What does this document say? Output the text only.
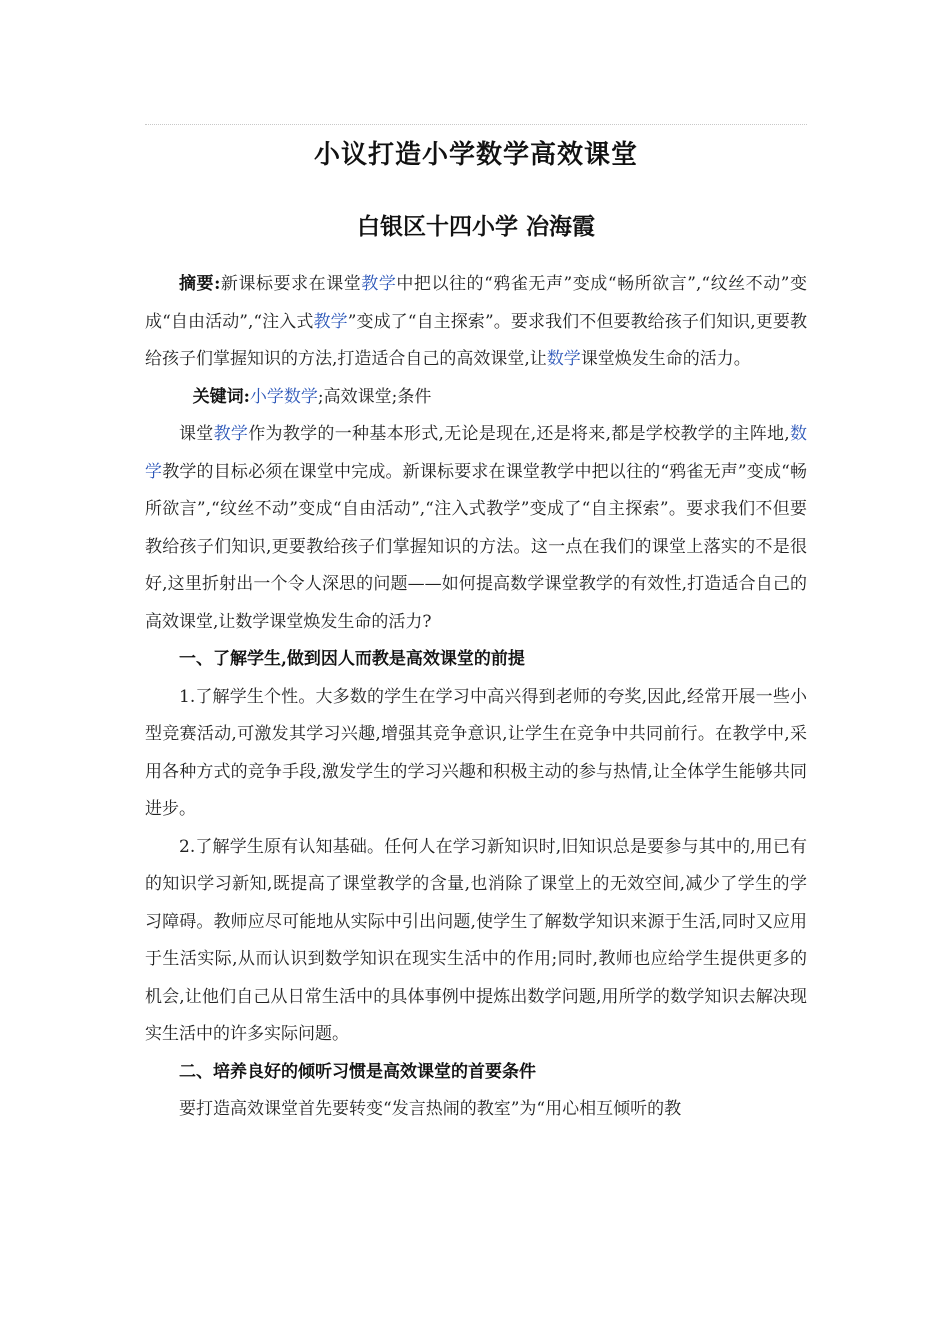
小议打造小学数学高效课堂
白银区十四小学 冶海霞

摘要:新课标要求在课堂教学中把以往的“鸦雀无声”变成“畅所欲言”,“纹丝不动”变成“自由活动”,“注入式教学”变成了“自主探索”。要求我们不但要教给孩子们知识,更要教给孩子们掌握知识的方法,打造适合自己的高效课堂,让数学课堂焕发生命的活力。

关键词:小学数学;高效课堂;条件

课堂教学作为教学的一种基本形式,无论是现在,还是将来,都是学校教学的主阵地,数学教学的目标必须在课堂中完成。新课标要求在课堂教学中把以往的“鸦雀无声”变成“畅所欲言”,“纹丝不动”变成“自由活动”,“注入式教学”变成了“自主探索”。要求我们不但要教给孩子们知识,更要教给孩子们掌握知识的方法。这一点在我们的课堂上落实的不是很好,这里折射出一个令人深思的问题——如何提高数学课堂教学的有效性,打造适合自己的高效课堂,让数学课堂焕发生命的活力?

一、了解学生,做到因人而教是高效课堂的前提

1.了解学生个性。大多数的学生在学习中高兴得到老师的夸奖,因此,经常开展一些小型竞赛活动,可激发其学习兴趣,增强其竞争意识,让学生在竞争中共同前行。在教学中,采用各种方式的竞争手段,激发学生的学习兴趣和积极主动的参与热情,让全体学生能够共同进步。

2.了解学生原有认知基础。任何人在学习新知识时,旧知识总是要参与其中的,用已有的知识学习新知,既提高了课堂教学的含量,也消除了课堂上的无效空间,减少了学生的学习障碍。教师应尽可能地从实际中引出问题,使学生了解数学知识来源于生活,同时又应用于生活实际,从而认识到数学知识在现实生活中的作用;同时,教师也应给学生提供更多的机会,让他们自己从日常生活中的具体事例中提炼出数学问题,用所学的数学知识去解决现实生活中的许多实际问题。

二、培养良好的倾听习惯是高效课堂的首要条件

要打造高效课堂首先要转变“发言热闹的教室”为“用心相互倾听的教
